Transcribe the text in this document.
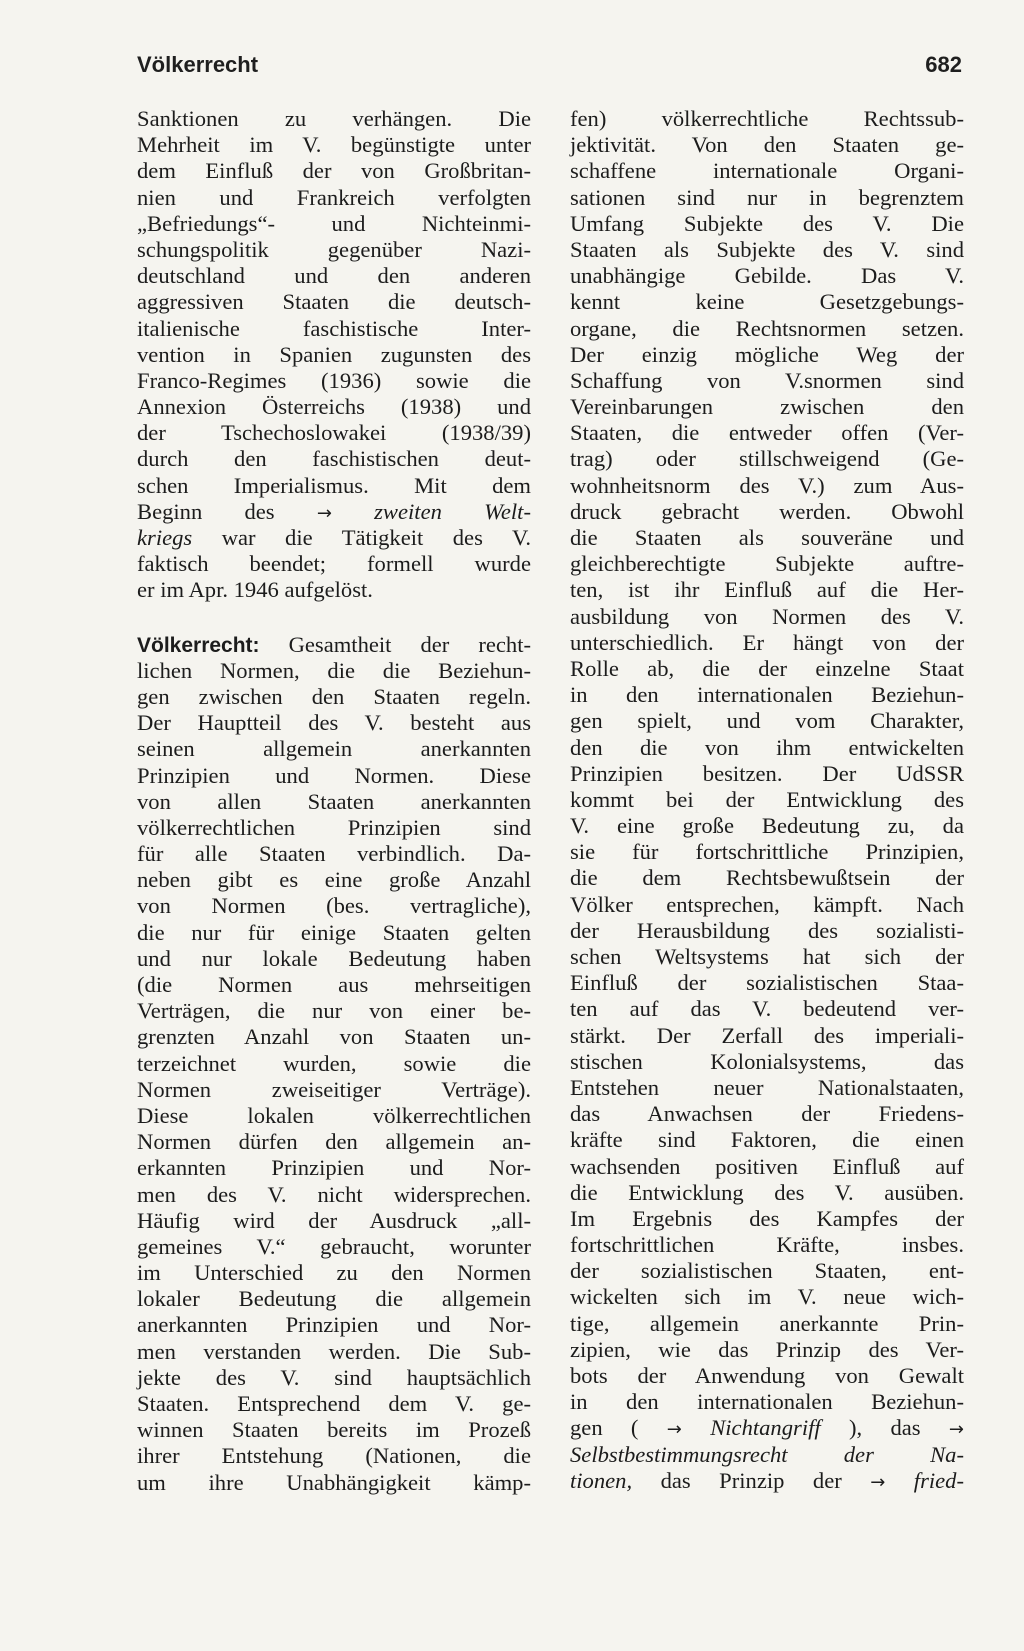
Völkerrecht	682
Sanktionen zu verhängen. Die
Mehrheit im V. begünstigte unter
dem Einfluß der von Großbritan-
nien und Frankreich verfolgten
„Befriedungs“- und Nichteinmi-
schungspolitik gegenüber Nazi-
deutschland und den anderen
aggressiven Staaten die deutsch-
italienische faschistische Inter-
vention in Spanien zugunsten des
Franco-Regimes (1936) sowie die
Annexion Österreichs (1938) und
der Tschechoslowakei (1938/39)
durch den faschistischen deut-
schen Imperialismus. Mit dem
Beginn des → zweiten Welt-
kriegs war die Tätigkeit des V.
faktisch beendet; formell wurde
er im Apr. 1946 aufgelöst.
Völkerrecht: Gesamtheit der recht-
lichen Normen, die die Beziehun-
gen zwischen den Staaten regeln.
Der Hauptteil des V. besteht aus
seinen allgemein anerkannten
Prinzipien und Normen. Diese
von allen Staaten anerkannten
völkerrechtlichen Prinzipien sind
für alle Staaten verbindlich. Da-
neben gibt es eine große Anzahl
von Normen (bes. vertragliche),
die nur für einige Staaten gelten
und nur lokale Bedeutung haben
(die Normen aus mehrseitigen
Verträgen, die nur von einer be-
grenzten Anzahl von Staaten un-
terzeichnet wurden, sowie die
Normen zweiseitiger Verträge).
Diese lokalen völkerrechtlichen
Normen dürfen den allgemein an-
erkannten Prinzipien und Nor-
men des V. nicht widersprechen.
Häufig wird der Ausdruck „all-
gemeines V.“ gebraucht, worunter
im Unterschied zu den Normen
lokaler Bedeutung die allgemein
anerkannten Prinzipien und Nor-
men verstanden werden. Die Sub-
jekte des V. sind hauptsächlich
Staaten. Entsprechend dem V. ge-
winnen Staaten bereits im Prozeß
ihrer Entstehung (Nationen, die
um ihre Unabhängigkeit kämp-
fen) völkerrechtliche Rechtssub-
jektivität. Von den Staaten ge-
schaffene internationale Organi-
sationen sind nur in begrenztem
Umfang Subjekte des V. Die
Staaten als Subjekte des V. sind
unabhängige Gebilde. Das V.
kennt keine Gesetzgebungs-
organe, die Rechtsnormen setzen.
Der einzig mögliche Weg der
Schaffung von V.snormen sind
Vereinbarungen zwischen den
Staaten, die entweder offen (Ver-
trag) oder stillschweigend (Ge-
wohnheitsnorm des V.) zum Aus-
druck gebracht werden. Obwohl
die Staaten als souveräne und
gleichberechtigte Subjekte auftre-
ten, ist ihr Einfluß auf die Her-
ausbildung von Normen des V.
unterschiedlich. Er hängt von der
Rolle ab, die der einzelne Staat
in den internationalen Beziehun-
gen spielt, und vom Charakter,
den die von ihm entwickelten
Prinzipien besitzen. Der UdSSR
kommt bei der Entwicklung des
V. eine große Bedeutung zu, da
sie für fortschrittliche Prinzipien,
die dem Rechtsbewußtsein der
Völker entsprechen, kämpft. Nach
der Herausbildung des sozialisti-
schen Weltsystems hat sich der
Einfluß der sozialistischen Staa-
ten auf das V. bedeutend ver-
stärkt. Der Zerfall des imperiali-
stischen Kolonialsystems, das
Entstehen neuer Nationalstaaten,
das Anwachsen der Friedens-
kräfte sind Faktoren, die einen
wachsenden positiven Einfluß auf
die Entwicklung des V. ausüben.
Im Ergebnis des Kampfes der
fortschrittlichen Kräfte, insbes.
der sozialistischen Staaten, ent-
wickelten sich im V. neue wich-
tige, allgemein anerkannte Prin-
zipien, wie das Prinzip des Ver-
bots der Anwendung von Gewalt
in den internationalen Beziehun-
gen ( → Nichtangriff ), das →
Selbstbestimmungsrecht der Na-
tionen, das Prinzip der → fried-
